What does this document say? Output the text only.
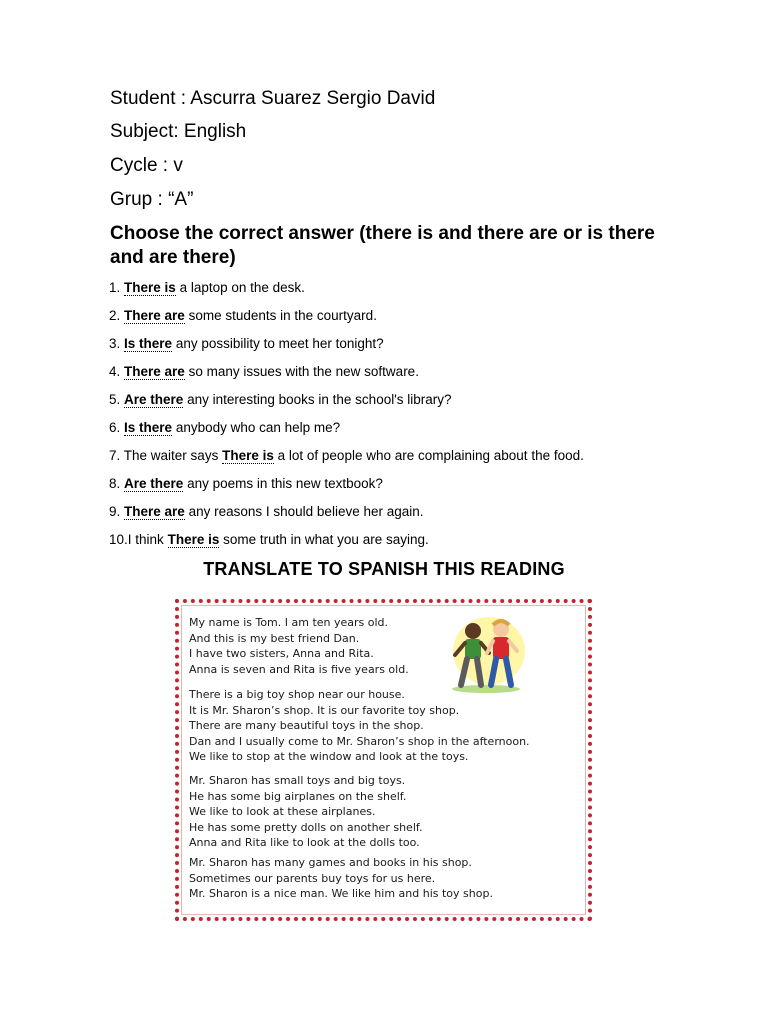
Student : Ascurra Suarez Sergio David
Subject: English
Cycle : v
Grup : “A”
Choose the correct answer (there is and there are or is there and are there)
1. There is a laptop on the desk.
2. There are some students in the courtyard.
3. Is there any possibility to meet her tonight?
4. There are so many issues with the new software.
5. Are there any interesting books in the school's library?
6. Is there anybody who can help me?
7. The waiter says There is a lot of people who are complaining about the food.
8. Are there any poems in this new textbook?
9. There are any reasons I should believe her again.
10.I think There is some truth in what you are saying.
TRANSLATE TO SPANISH THIS READING
My name is Tom. I am ten years old.
And this is my best friend Dan.
I have two sisters, Anna and Rita.
Anna is seven and Rita is five years old.
There is a big toy shop near our house.
It is Mr. Sharon’s shop. It is our favorite toy shop.
There are many beautiful toys in the shop.
Dan and I usually come to Mr. Sharon’s shop in the afternoon.
We like to stop at the window and look at the toys.
Mr. Sharon has small toys and big toys.
He has some big airplanes on the shelf.
We like to look at these airplanes.
He has some pretty dolls on another shelf.
Anna and Rita like to look at the dolls too.
Mr. Sharon has many games and books in his shop.
Sometimes our parents buy toys for us here.
Mr. Sharon is a nice man. We like him and his toy shop.
